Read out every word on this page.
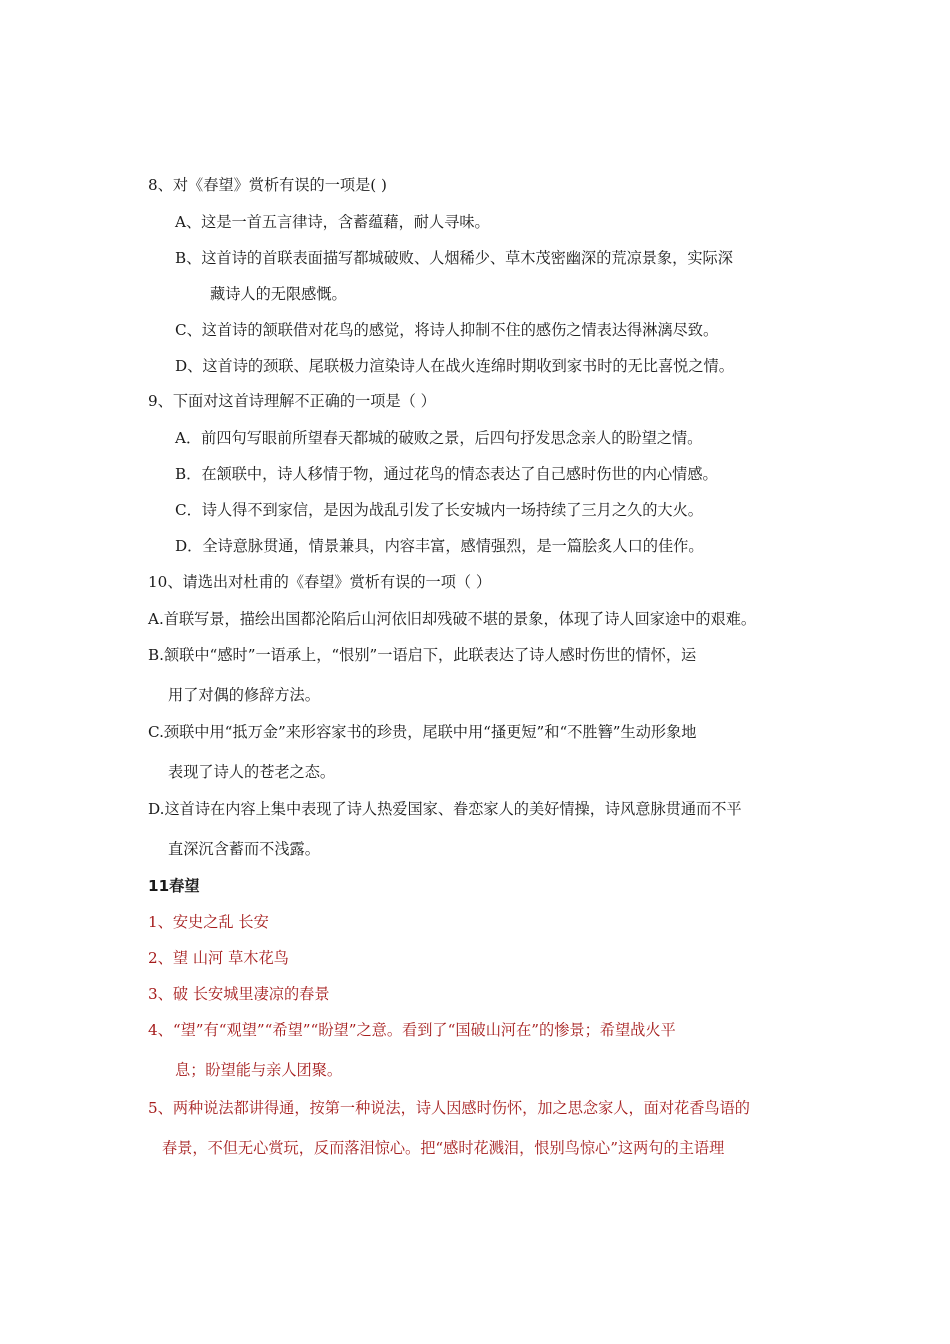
8、对《春望》赏析有误的一项是( )
A、这是一首五言律诗，含蓄蕴藉，耐人寻味。
B、这首诗的首联表面描写都城破败、人烟稀少、草木茂密幽深的荒凉景象，实际深
藏诗人的无限感慨。
C、这首诗的颔联借对花鸟的感觉，将诗人抑制不住的感伤之情表达得淋漓尽致。
D、这首诗的颈联、尾联极力渲染诗人在战火连绵时期收到家书时的无比喜悦之情。
9、下面对这首诗理解不正确的一项是（ ）
A．前四句写眼前所望春天都城的破败之景，后四句抒发思念亲人的盼望之情。
B．在颔联中，诗人移情于物，通过花鸟的情态表达了自己感时伤世的内心情感。
C．诗人得不到家信，是因为战乱引发了长安城内一场持续了三月之久的大火。
D．全诗意脉贯通，情景兼具，内容丰富，感情强烈，是一篇脍炙人口的佳作。
10、请选出对杜甫的《春望》赏析有误的一项（ ）
A.首联写景，描绘出国都沦陷后山河依旧却残破不堪的景象，体现了诗人回家途中的艰难。
B.颔联中“感时”一语承上，“恨别”一语启下，此联表达了诗人感时伤世的情怀，运
用了对偶的修辞方法。
C.颈联中用“抵万金”来形容家书的珍贵，尾联中用“搔更短”和“不胜簪”生动形象地
表现了诗人的苍老之态。
D.这首诗在内容上集中表现了诗人热爱国家、眷恋家人的美好情操，诗风意脉贯通而不平
直深沉含蓄而不浅露。
11春望
1、安史之乱 长安
2、望 山河 草木花鸟
3、破 长安城里凄凉的春景
4、“望”有“观望”“希望”“盼望”之意。看到了“国破山河在”的惨景；希望战火平
息；盼望能与亲人团聚。
5、两种说法都讲得通，按第一种说法，诗人因感时伤怀，加之思念家人，面对花香鸟语的
春景，不但无心赏玩，反而落泪惊心。把“感时花溅泪，恨别鸟惊心”这两句的主语理
